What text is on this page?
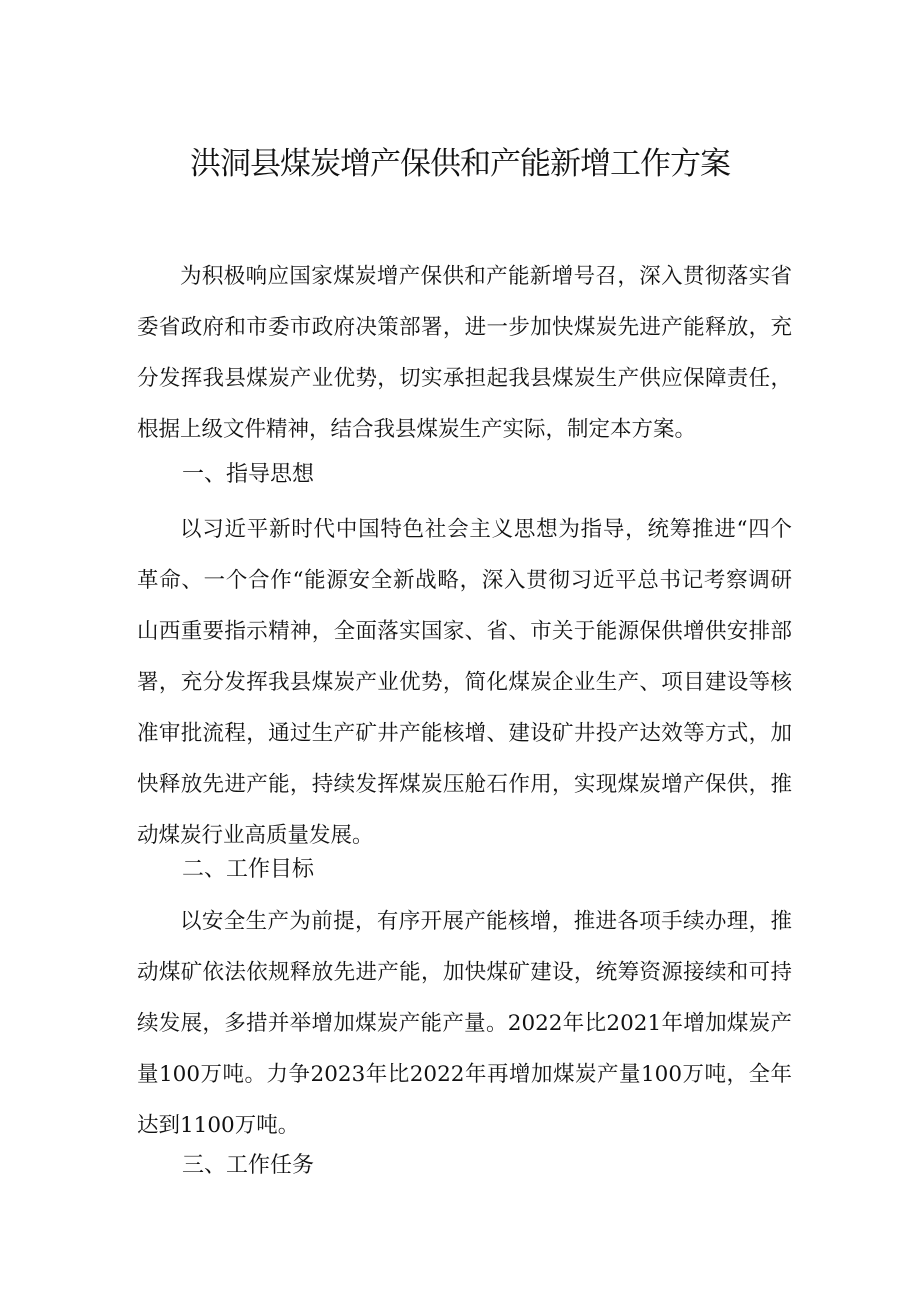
洪洞县煤炭增产保供和产能新增工作方案

为积极响应国家煤炭增产保供和产能新增号召，深入贯彻落实省委省政府和市委市政府决策部署，进一步加快煤炭先进产能释放，充分发挥我县煤炭产业优势，切实承担起我县煤炭生产供应保障责任，根据上级文件精神，结合我县煤炭生产实际，制定本方案。

一、指导思想

以习近平新时代中国特色社会主义思想为指导，统筹推进“四个革命、一个合作“能源安全新战略，深入贯彻习近平总书记考察调研山西重要指示精神，全面落实国家、省、市关于能源保供增供安排部署，充分发挥我县煤炭产业优势，简化煤炭企业生产、项目建设等核准审批流程，通过生产矿井产能核增、建设矿井投产达效等方式，加快释放先进产能，持续发挥煤炭压舱石作用，实现煤炭增产保供，推动煤炭行业高质量发展。

二、工作目标

以安全生产为前提，有序开展产能核增，推进各项手续办理，推动煤矿依法依规释放先进产能，加快煤矿建设，统筹资源接续和可持续发展，多措并举增加煤炭产能产量。2022年比2021年增加煤炭产量100万吨。力争2023年比2022年再增加煤炭产量100万吨，全年达到1100万吨。

三、工作任务
